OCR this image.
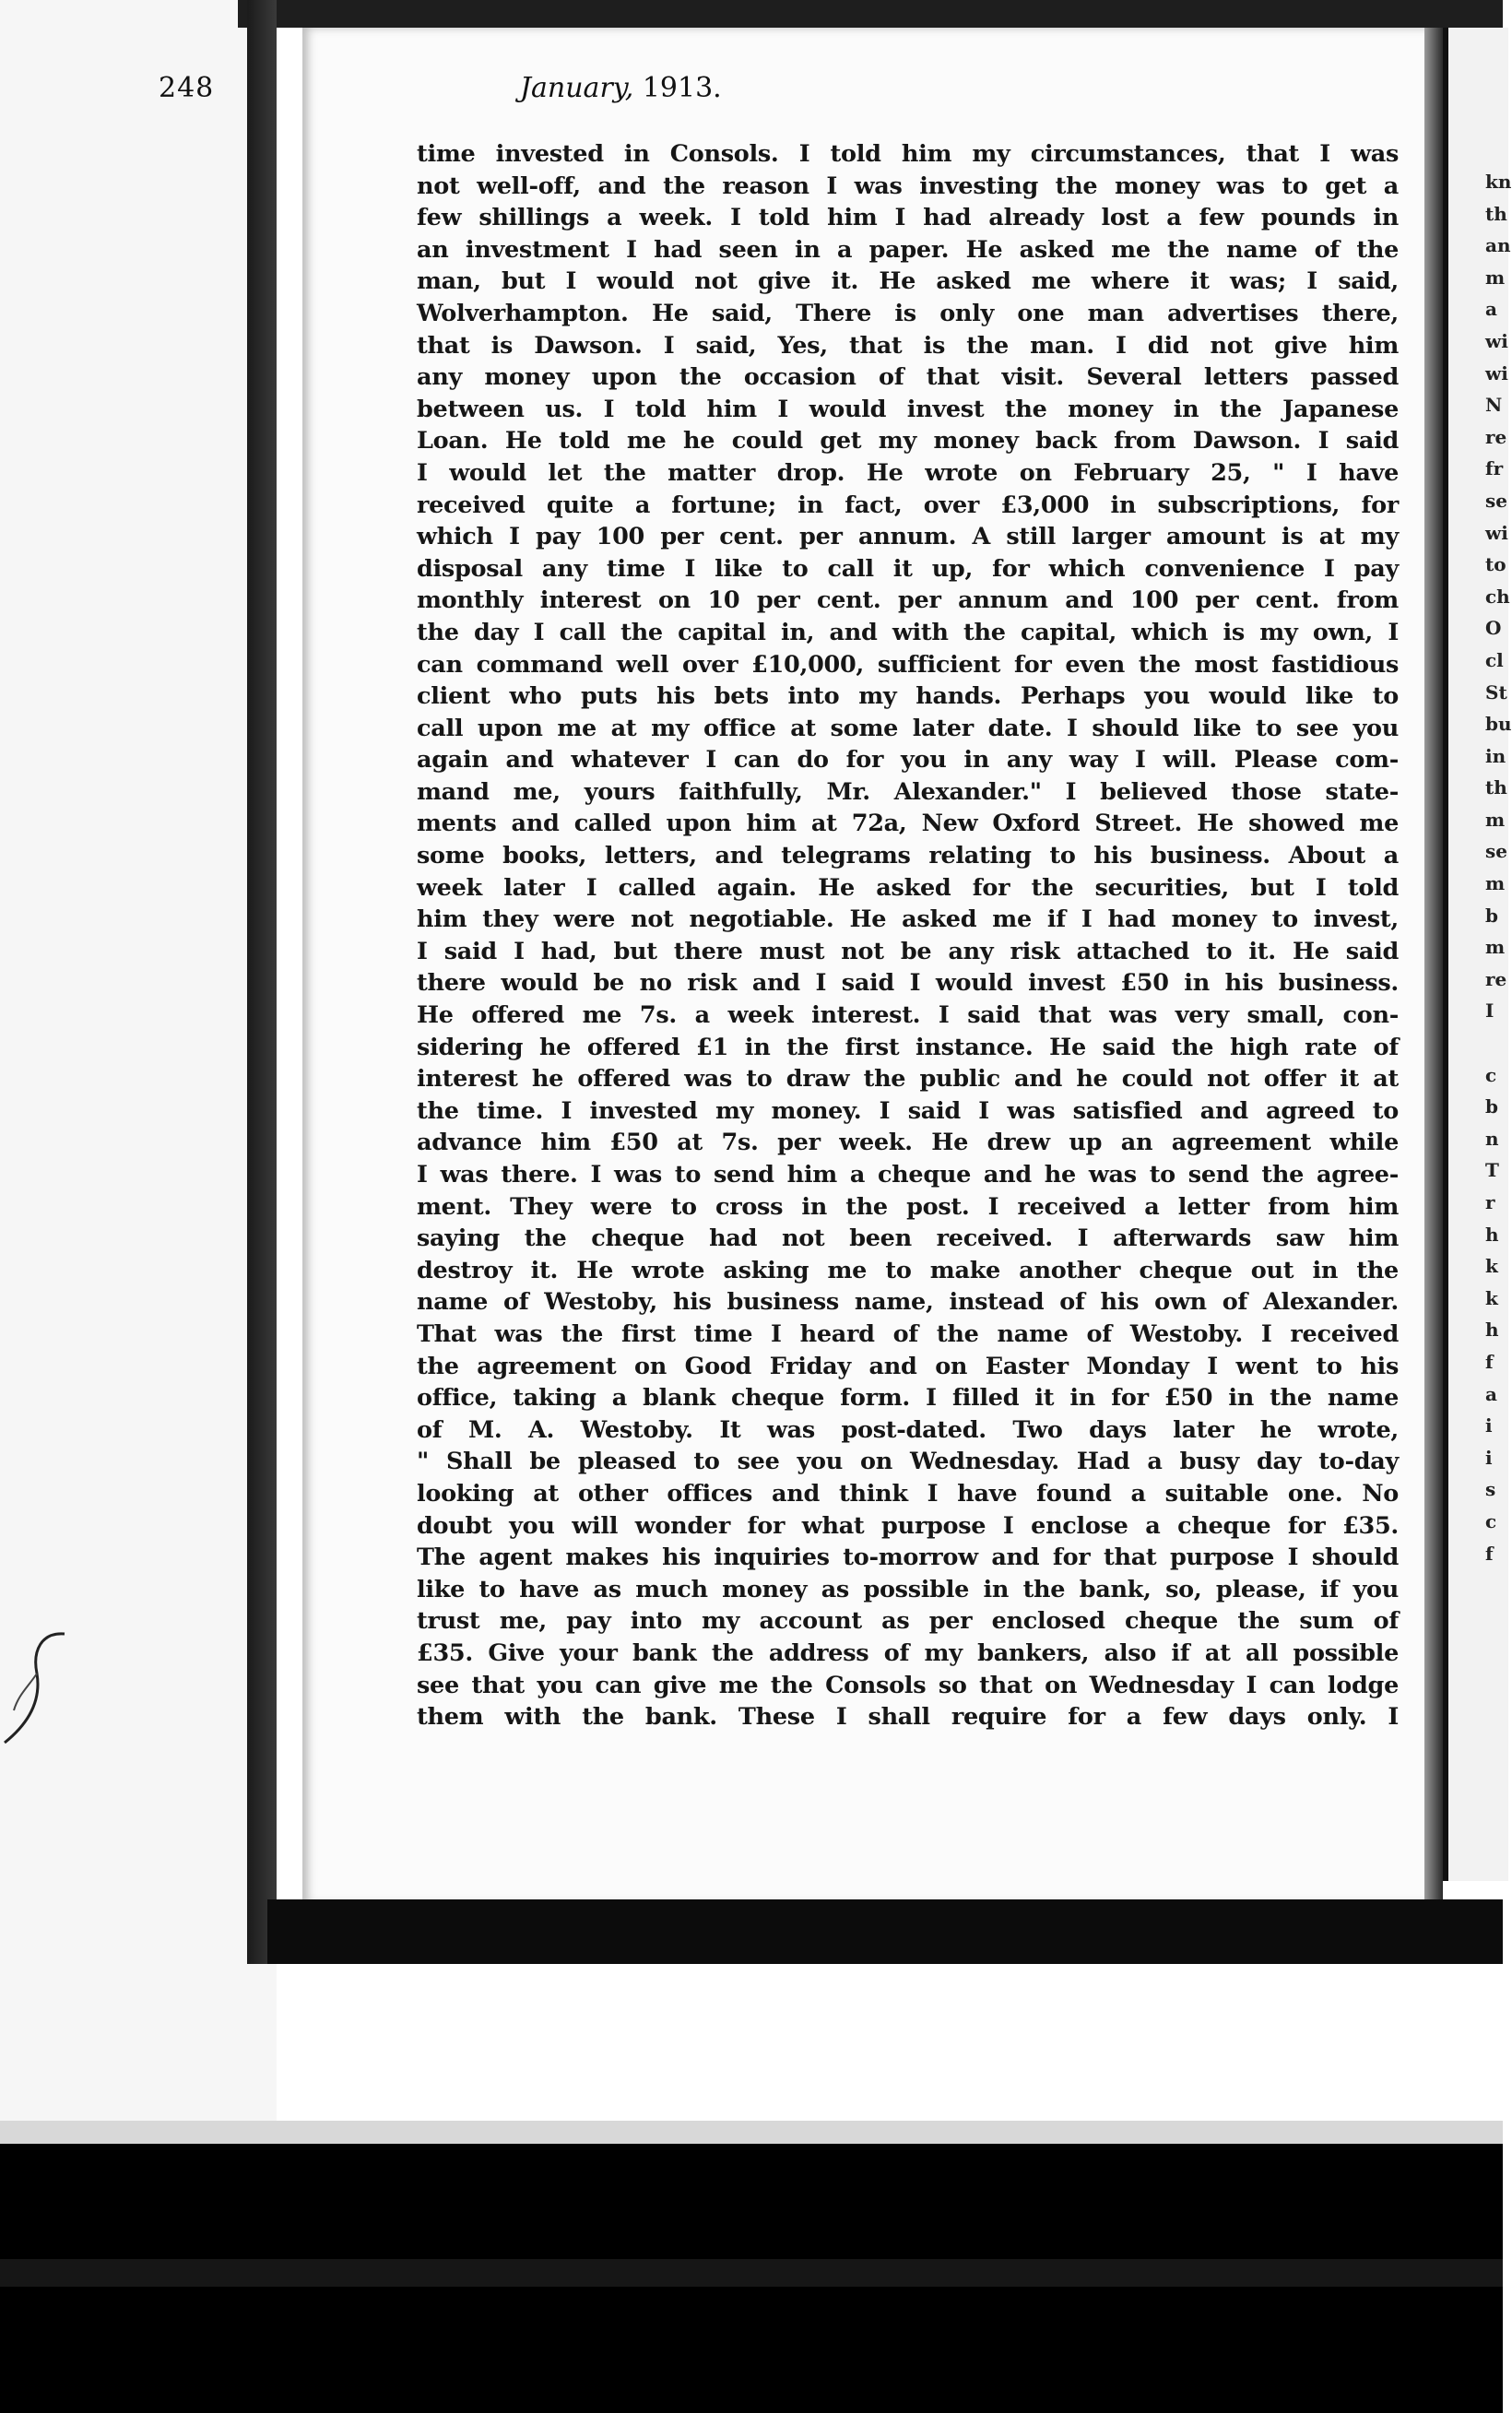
kn
th
an
m
a
wi
wi
N
re
fr
se
wi
to
ch
O
cl
St
bu
in
th
m
se
m
b
m
re
I

c
b
n
T
r
h
k
k
h
f
a
i
i
s
c
f
248	January, 1913.
time invested in Consols. I told him my circumstances, that I was
not well-off, and the reason I was investing the money was to get a
few shillings a week. I told him I had already lost a few pounds in
an investment I had seen in a paper. He asked me the name of the
man, but I would not give it. He asked me where it was; I said,
Wolverhampton. He said, There is only one man advertises there,
that is Dawson. I said, Yes, that is the man. I did not give him
any money upon the occasion of that visit. Several letters passed
between us. I told him I would invest the money in the Japanese
Loan. He told me he could get my money back from Dawson. I said
I would let the matter drop. He wrote on February 25, " I have
received quite a fortune; in fact, over £3,000 in subscriptions, for
which I pay 100 per cent. per annum. A still larger amount is at my
disposal any time I like to call it up, for which convenience I pay
monthly interest on 10 per cent. per annum and 100 per cent. from
the day I call the capital in, and with the capital, which is my own, I
can command well over £10,000, sufficient for even the most fastidious
client who puts his bets into my hands. Perhaps you would like to
call upon me at my office at some later date. I should like to see you
again and whatever I can do for you in any way I will. Please com-
mand me, yours faithfully, Mr. Alexander." I believed those state-
ments and called upon him at 72a, New Oxford Street. He showed me
some books, letters, and telegrams relating to his business. About a
week later I called again. He asked for the securities, but I told
him they were not negotiable. He asked me if I had money to invest,
I said I had, but there must not be any risk attached to it. He said
there would be no risk and I said I would invest £50 in his business.
He offered me 7s. a week interest. I said that was very small, con-
sidering he offered £1 in the first instance. He said the high rate of
interest he offered was to draw the public and he could not offer it at
the time. I invested my money. I said I was satisfied and agreed to
advance him £50 at 7s. per week. He drew up an agreement while
I was there. I was to send him a cheque and he was to send the agree-
ment. They were to cross in the post. I received a letter from him
saying the cheque had not been received. I afterwards saw him
destroy it. He wrote asking me to make another cheque out in the
name of Westoby, his business name, instead of his own of Alexander.
That was the first time I heard of the name of Westoby. I received
the agreement on Good Friday and on Easter Monday I went to his
office, taking a blank cheque form. I filled it in for £50 in the name
of M. A. Westoby. It was post-dated. Two days later he wrote,
" Shall be pleased to see you on Wednesday. Had a busy day to-day
looking at other offices and think I have found a suitable one. No
doubt you will wonder for what purpose I enclose a cheque for £35.
The agent makes his inquiries to-morrow and for that purpose I should
like to have as much money as possible in the bank, so, please, if you
trust me, pay into my account as per enclosed cheque the sum of
£35. Give your bank the address of my bankers, also if at all possible
see that you can give me the Consols so that on Wednesday I can lodge
them with the bank. These I shall require for a few days only. I
